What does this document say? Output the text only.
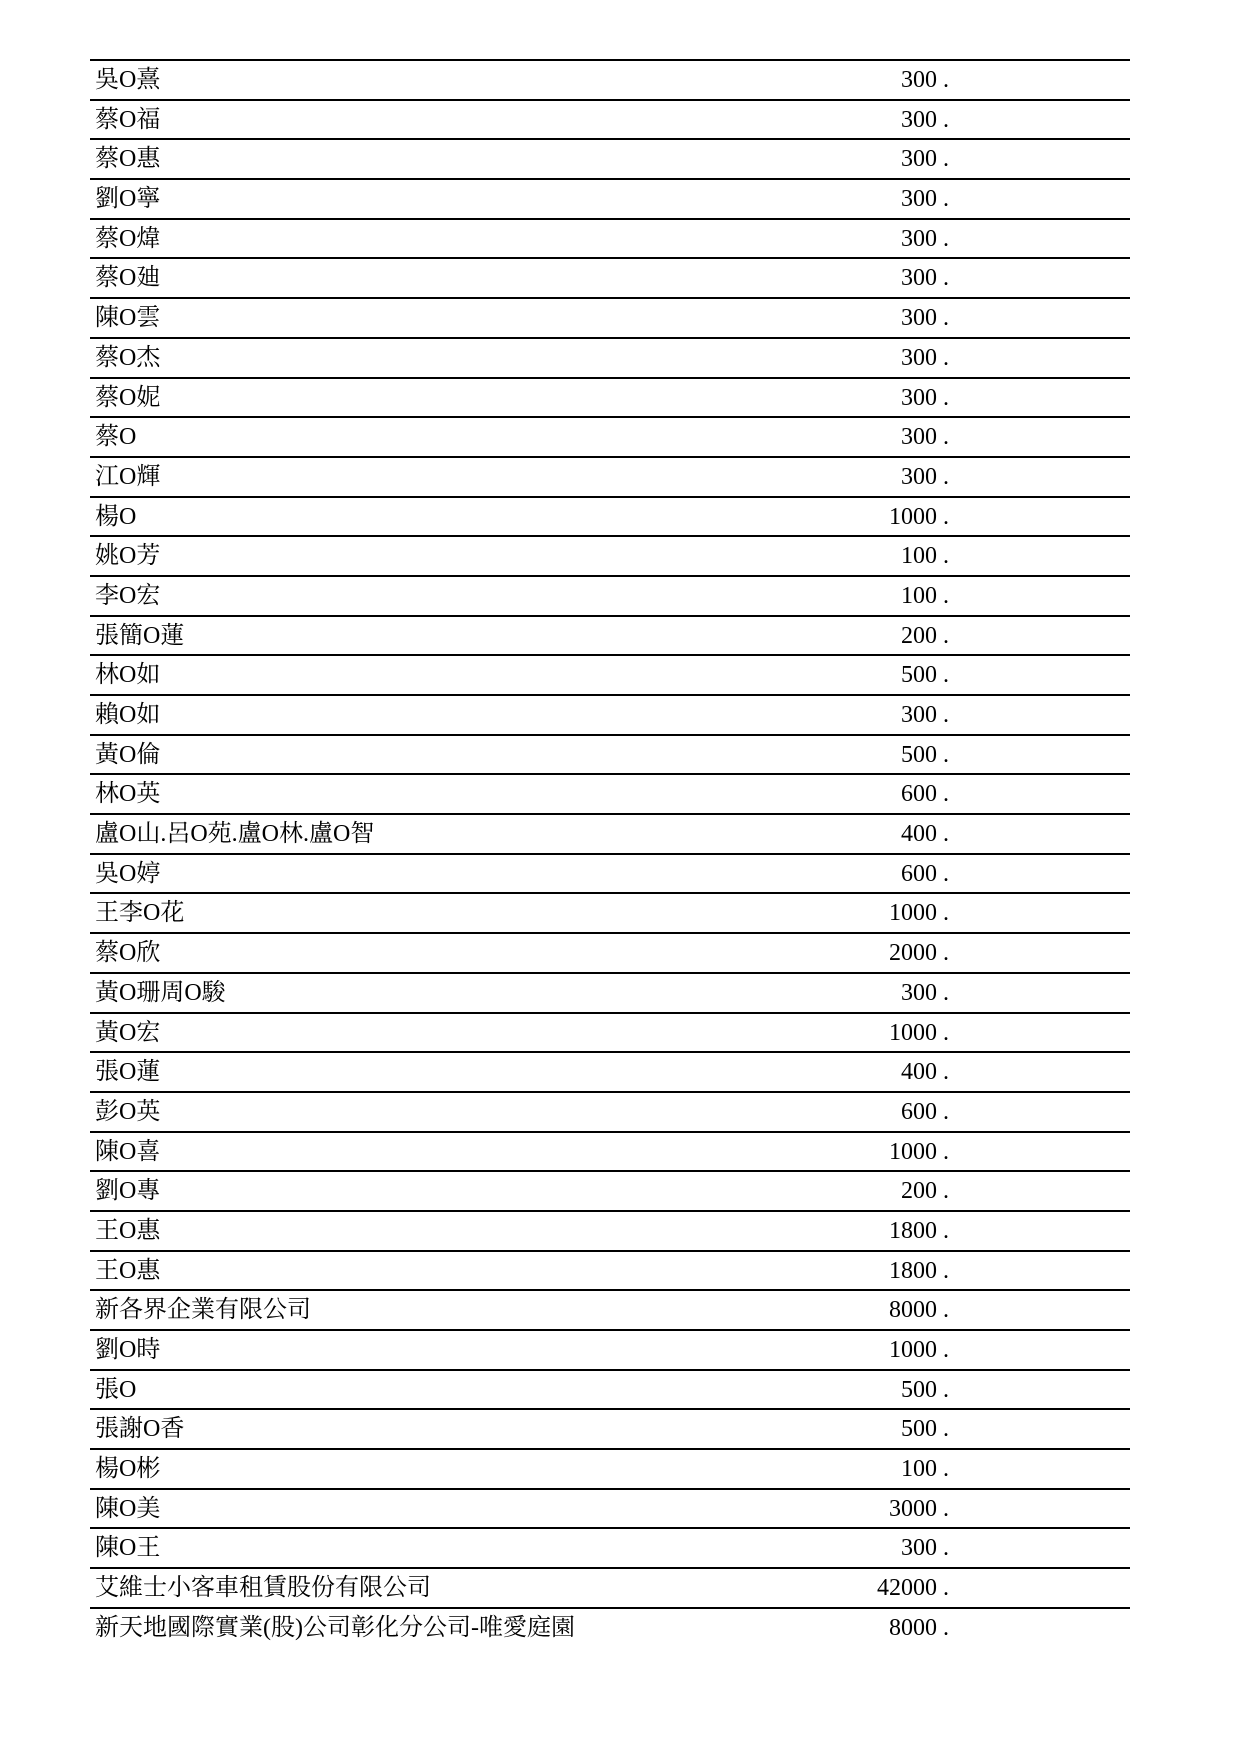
吳O熹	300 .
蔡O福	300 .
蔡O惠	300 .
劉O寧	300 .
蔡O煒	300 .
蔡O廸	300 .
陳O雲	300 .
蔡O杰	300 .
蔡O妮	300 .
蔡O	300 .
江O輝	300 .
楊O	1000 .
姚O芳	100 .
李O宏	100 .
張簡O蓮	200 .
林O如	500 .
賴O如	300 .
黃O倫	500 .
林O英	600 .
盧O山.呂O苑.盧O林.盧O智	400 .
吳O婷	600 .
王李O花	1000 .
蔡O欣	2000 .
黃O珊周O駿	300 .
黃O宏	1000 .
張O蓮	400 .
彭O英	600 .
陳O喜	1000 .
劉O專	200 .
王O惠	1800 .
王O惠	1800 .
新各界企業有限公司	8000 .
劉O時	1000 .
張O	500 .
張謝O香	500 .
楊O彬	100 .
陳O美	3000 .
陳O王	300 .
艾維士小客車租賃股份有限公司	42000 .
新天地國際實業(股)公司彰化分公司-唯愛庭園	8000 .
